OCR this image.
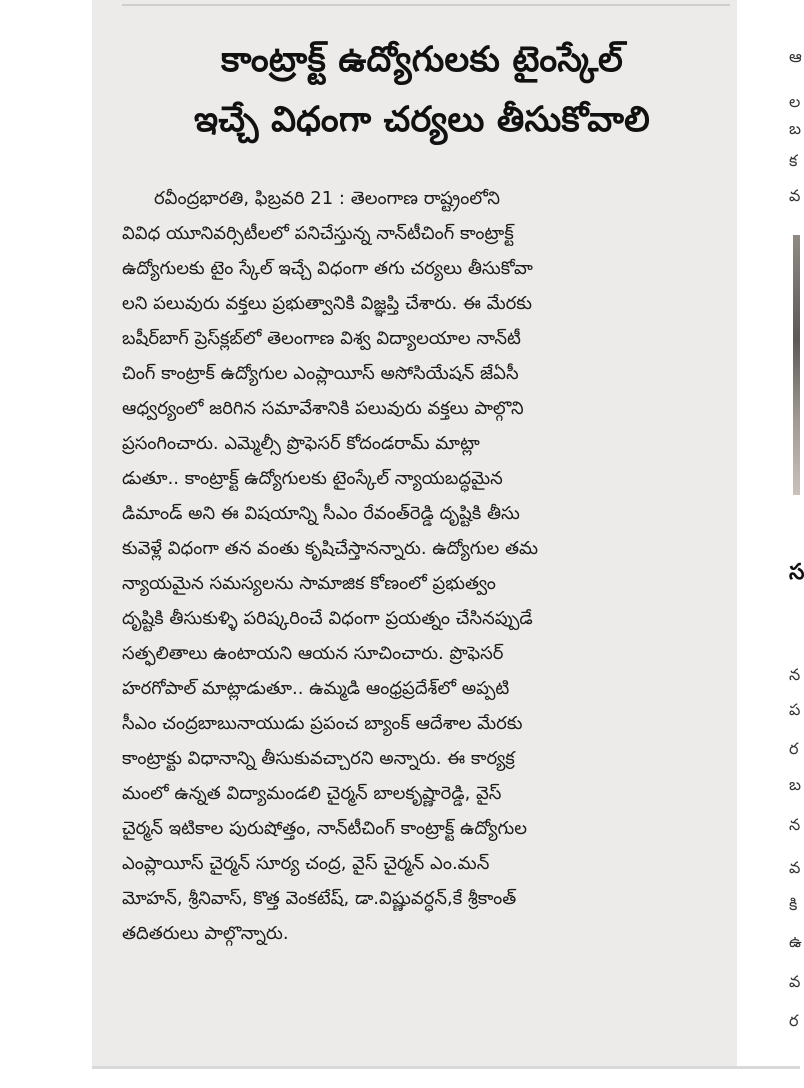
కాంట్రాక్ట్ ఉద్యోగులకు టైంస్కేల్
ఇచ్చే విధంగా చర్యలు తీసుకోవాలి
రవీంద్రభారతి, ఫిబ్రవరి 21 : తెలంగాణ రాష్ట్రంలోని
వివిధ యూనివర్సిటీలలో పనిచేస్తున్న నాన్‌టీచింగ్ కాంట్రాక్ట్
ఉద్యోగులకు టైం స్కేల్ ఇచ్చే విధంగా తగు చర్యలు తీసుకోవా
లని పలువురు వక్తలు ప్రభుత్వానికి విజ్ఞప్తి చేశారు. ఈ మేరకు
బషీర్‌బాగ్ ప్రెస్‌క్లబ్‌లో తెలంగాణ విశ్వ విద్యాలయాల నాన్‌టీ
చింగ్ కాంట్రాక్ ఉద్యోగుల ఎంప్లాయీస్ అసోసియేషన్ జేఏసీ
ఆధ్వర్యంలో జరిగిన సమావేశానికి పలువురు వక్తలు పాల్గొని
ప్రసంగించారు. ఎమ్మెల్సీ ప్రొఫెసర్ కోదండరామ్ మాట్లా
డుతూ.. కాంట్రాక్ట్ ఉద్యోగులకు టైంస్కేల్ న్యాయబద్ధమైన
డిమాండ్ అని ఈ విషయాన్ని సీఎం రేవంత్‌రెడ్డి దృష్టికి తీసు
కువెళ్లే విధంగా తన వంతు కృషిచేస్తానన్నారు. ఉద్యోగుల తమ
న్యాయమైన సమస్యలను సామాజిక కోణంలో ప్రభుత్వం
దృష్టికి తీసుకుళ్ళి పరిష్కరించే విధంగా ప్రయత్నం చేసినప్పుడే
సత్ఫలితాలు ఉంటాయని ఆయన సూచించారు. ప్రొఫెసర్
హరగోపాల్ మాట్లాడుతూ.. ఉమ్మడి ఆంధ్రప్రదేశ్‌లో అప్పటి
సీఎం చంద్రబాబునాయుడు ప్రపంచ బ్యాంక్ ఆదేశాల మేరకు
కాంట్రాక్టు విధానాన్ని తీసుకువచ్చారని అన్నారు. ఈ కార్యక్ర
మంలో ఉన్నత విద్యామండలి చైర్మన్ బాలకృష్ణారెడ్డి, వైస్
చైర్మన్ ఇటికాల పురుషోత్తం, నాన్‌టీచింగ్ కాంట్రాక్ట్ ఉద్యోగుల
ఎంప్లాయీస్ చైర్మన్ సూర్య చంద్ర, వైస్ చైర్మన్ ఎం.మన్
మోహన్, శ్రీనివాస్, కొత్త వెంకటేష్, డా.విష్ణువర్ధన్,కే శ్రీకాంత్
తదితరులు పాల్గొన్నారు.
ఆ
ల
బ
క
వ
స
న
ప
ర
బ
న
వ
కి
ఉ
వ
ర
